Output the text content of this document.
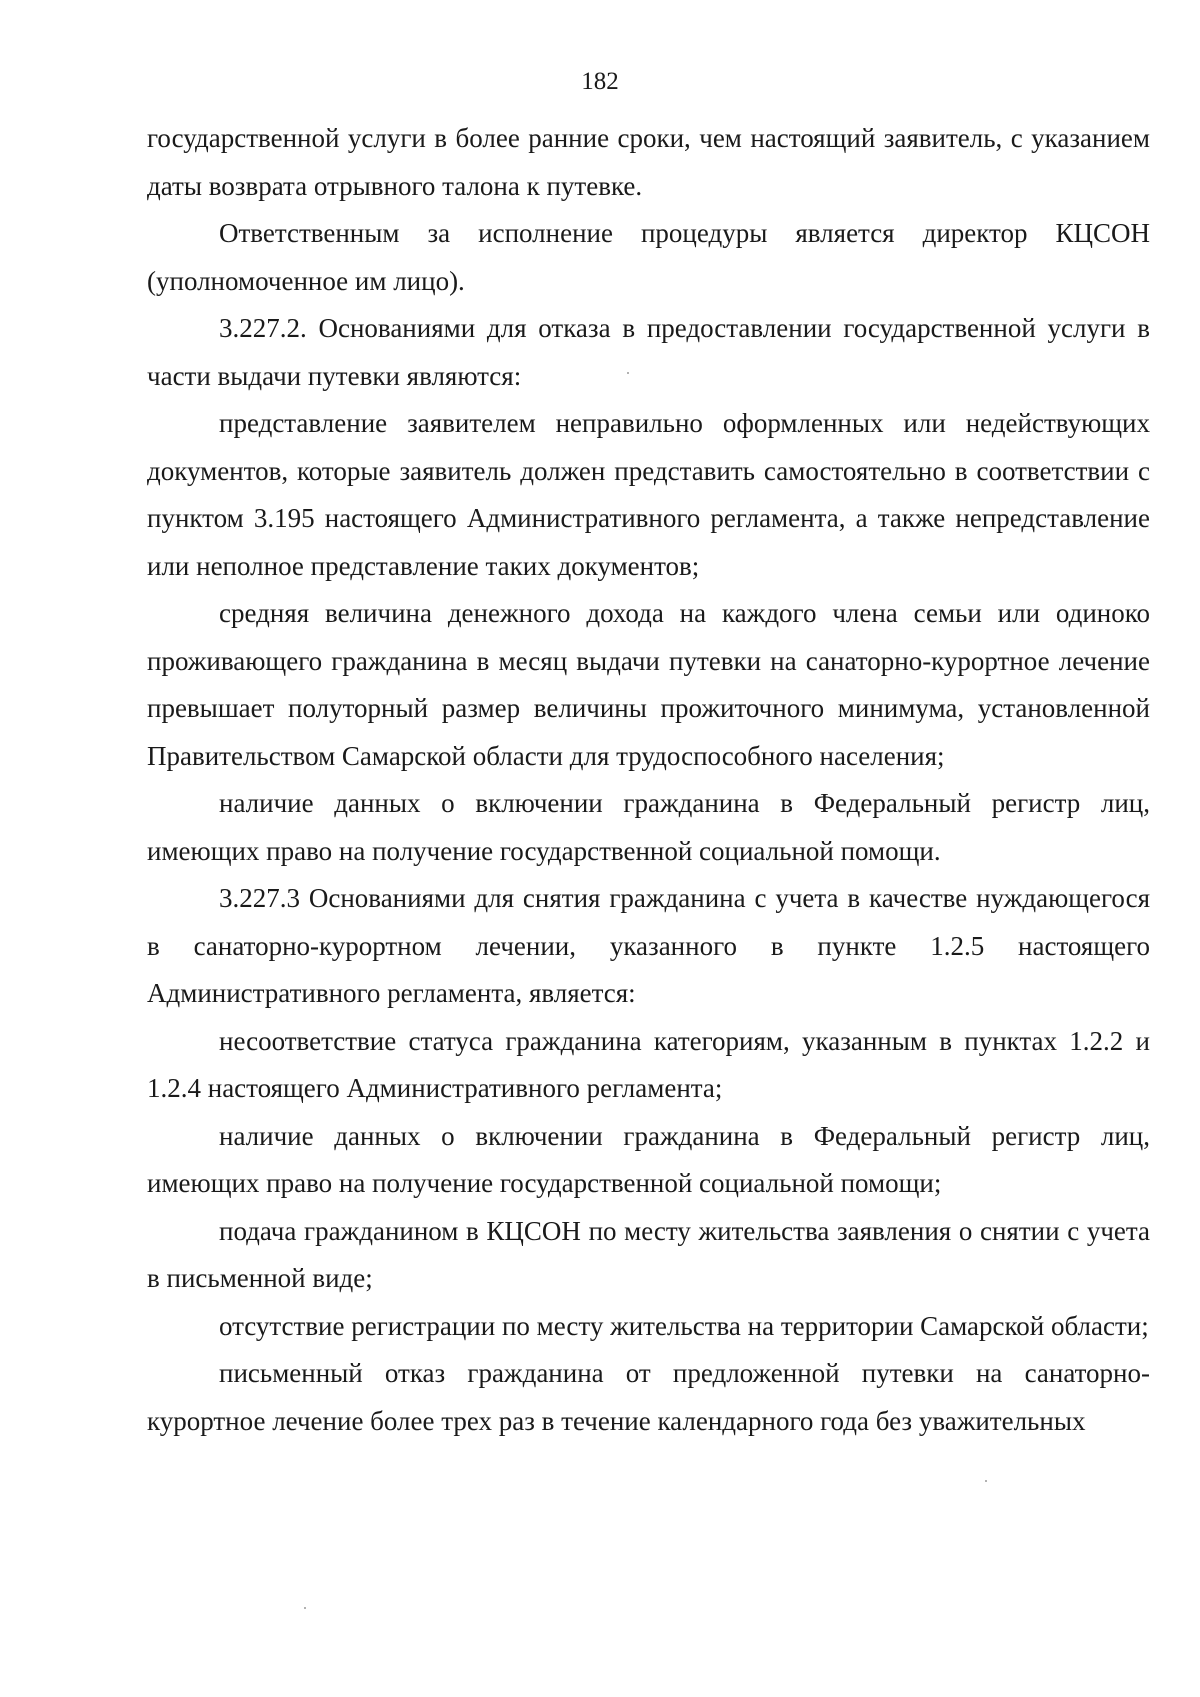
182

государственной услуги в более ранние сроки, чем настоящий заявитель, с указанием даты возврата отрывного талона к путевке.

Ответственным за исполнение процедуры является директор КЦСОН (уполномоченное им лицо).

3.227.2. Основаниями для отказа в предоставлении государственной услуги в части выдачи путевки являются:

представление заявителем неправильно оформленных или недействующих документов, которые заявитель должен представить самостоятельно в соответствии с пунктом 3.195 настоящего Административного регламента, а также непредставление или неполное представление таких документов;

средняя величина денежного дохода на каждого члена семьи или одиноко проживающего гражданина в месяц выдачи путевки на санаторно-курортное лечение превышает полуторный размер величины прожиточного минимума, установленной Правительством Самарской области для трудоспособного населения;

наличие данных о включении гражданина в Федеральный регистр лиц, имеющих право на получение государственной социальной помощи.

3.227.3 Основаниями для снятия гражданина с учета в качестве нуждающегося в санаторно-курортном лечении, указанного в пункте 1.2.5 настоящего Административного регламента, является:

несоответствие статуса гражданина категориям, указанным в пунктах 1.2.2 и 1.2.4 настоящего Административного регламента;

наличие данных о включении гражданина в Федеральный регистр лиц, имеющих право на получение государственной социальной помощи;

подача гражданином в КЦСОН по месту жительства заявления о снятии с учета в письменной виде;

отсутствие регистрации по месту жительства на территории Самарской области;

письменный отказ гражданина от предложенной путевки на санаторно-курортное лечение более трех раз в течение календарного года без уважительных
